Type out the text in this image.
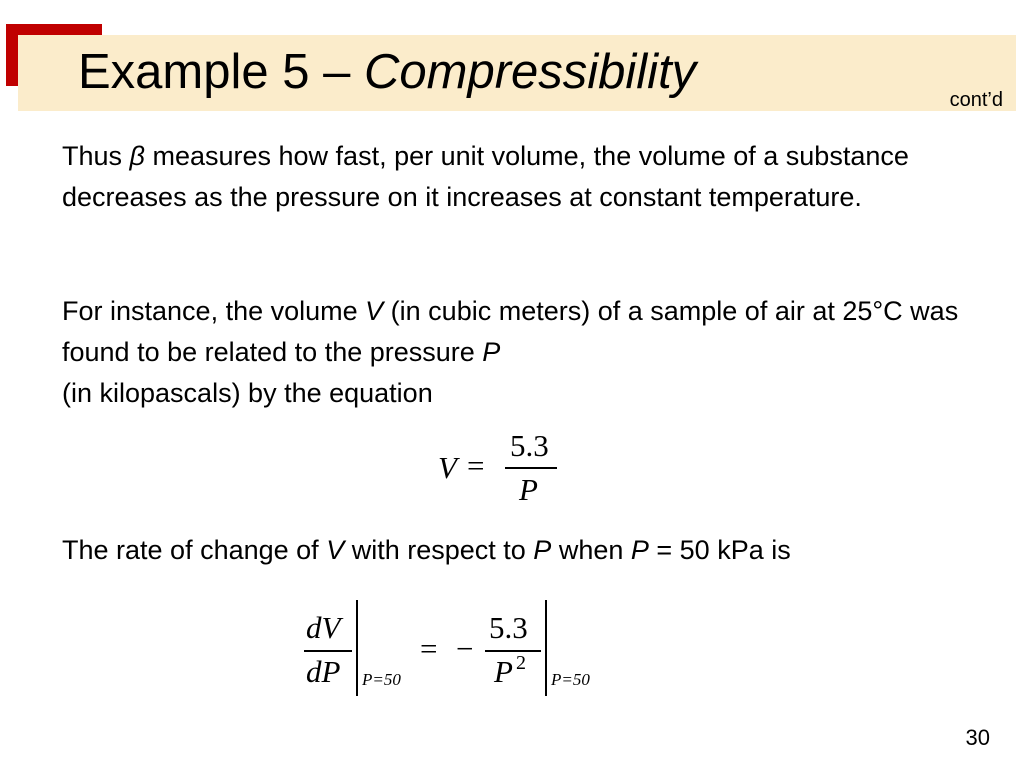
Example 5 – Compressibility
cont’d

Thus β measures how fast, per unit volume, the volume of a substance decreases as the pressure on it increases at constant temperature.

For instance, the volume V (in cubic meters) of a sample of air at 25°C was found to be related to the pressure P
(in kilopascals) by the equation

V =
5.3
P

The rate of change of V with respect to P when P = 50 kPa is

dV
dP P=50
= −
5.3
P 2
P=50
30
